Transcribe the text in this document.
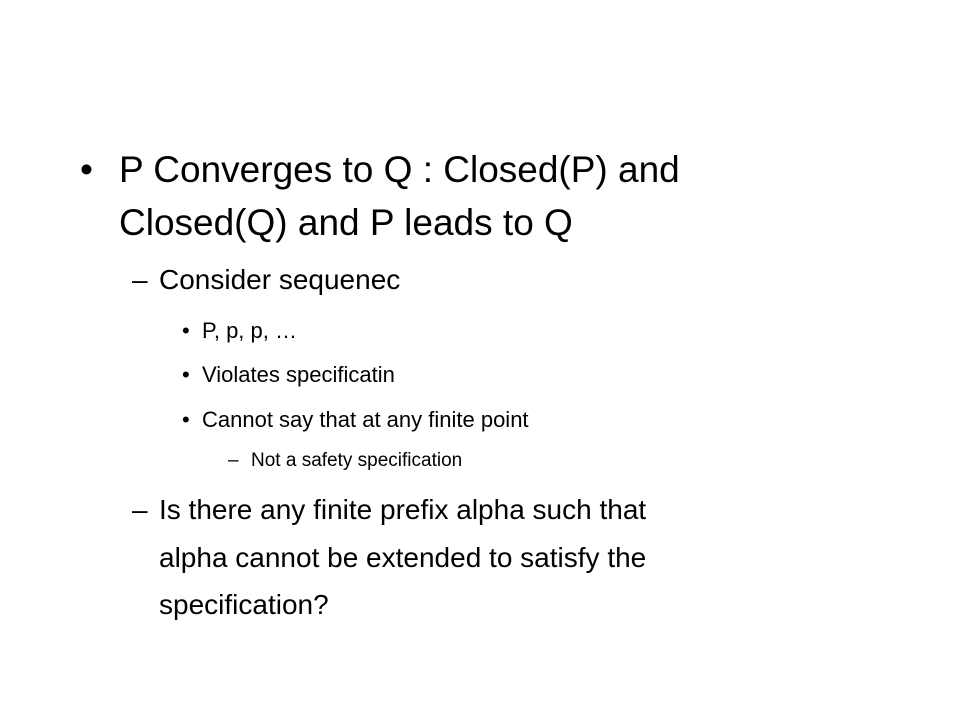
• P Converges to Q : Closed(P) and
Closed(Q) and P leads to Q
– Consider sequenec
• P, p, p, …
• Violates specificatin
• Cannot say that at any finite point
– Not a safety specification
– Is there any finite prefix alpha such that
alpha cannot be extended to satisfy the
specification?
